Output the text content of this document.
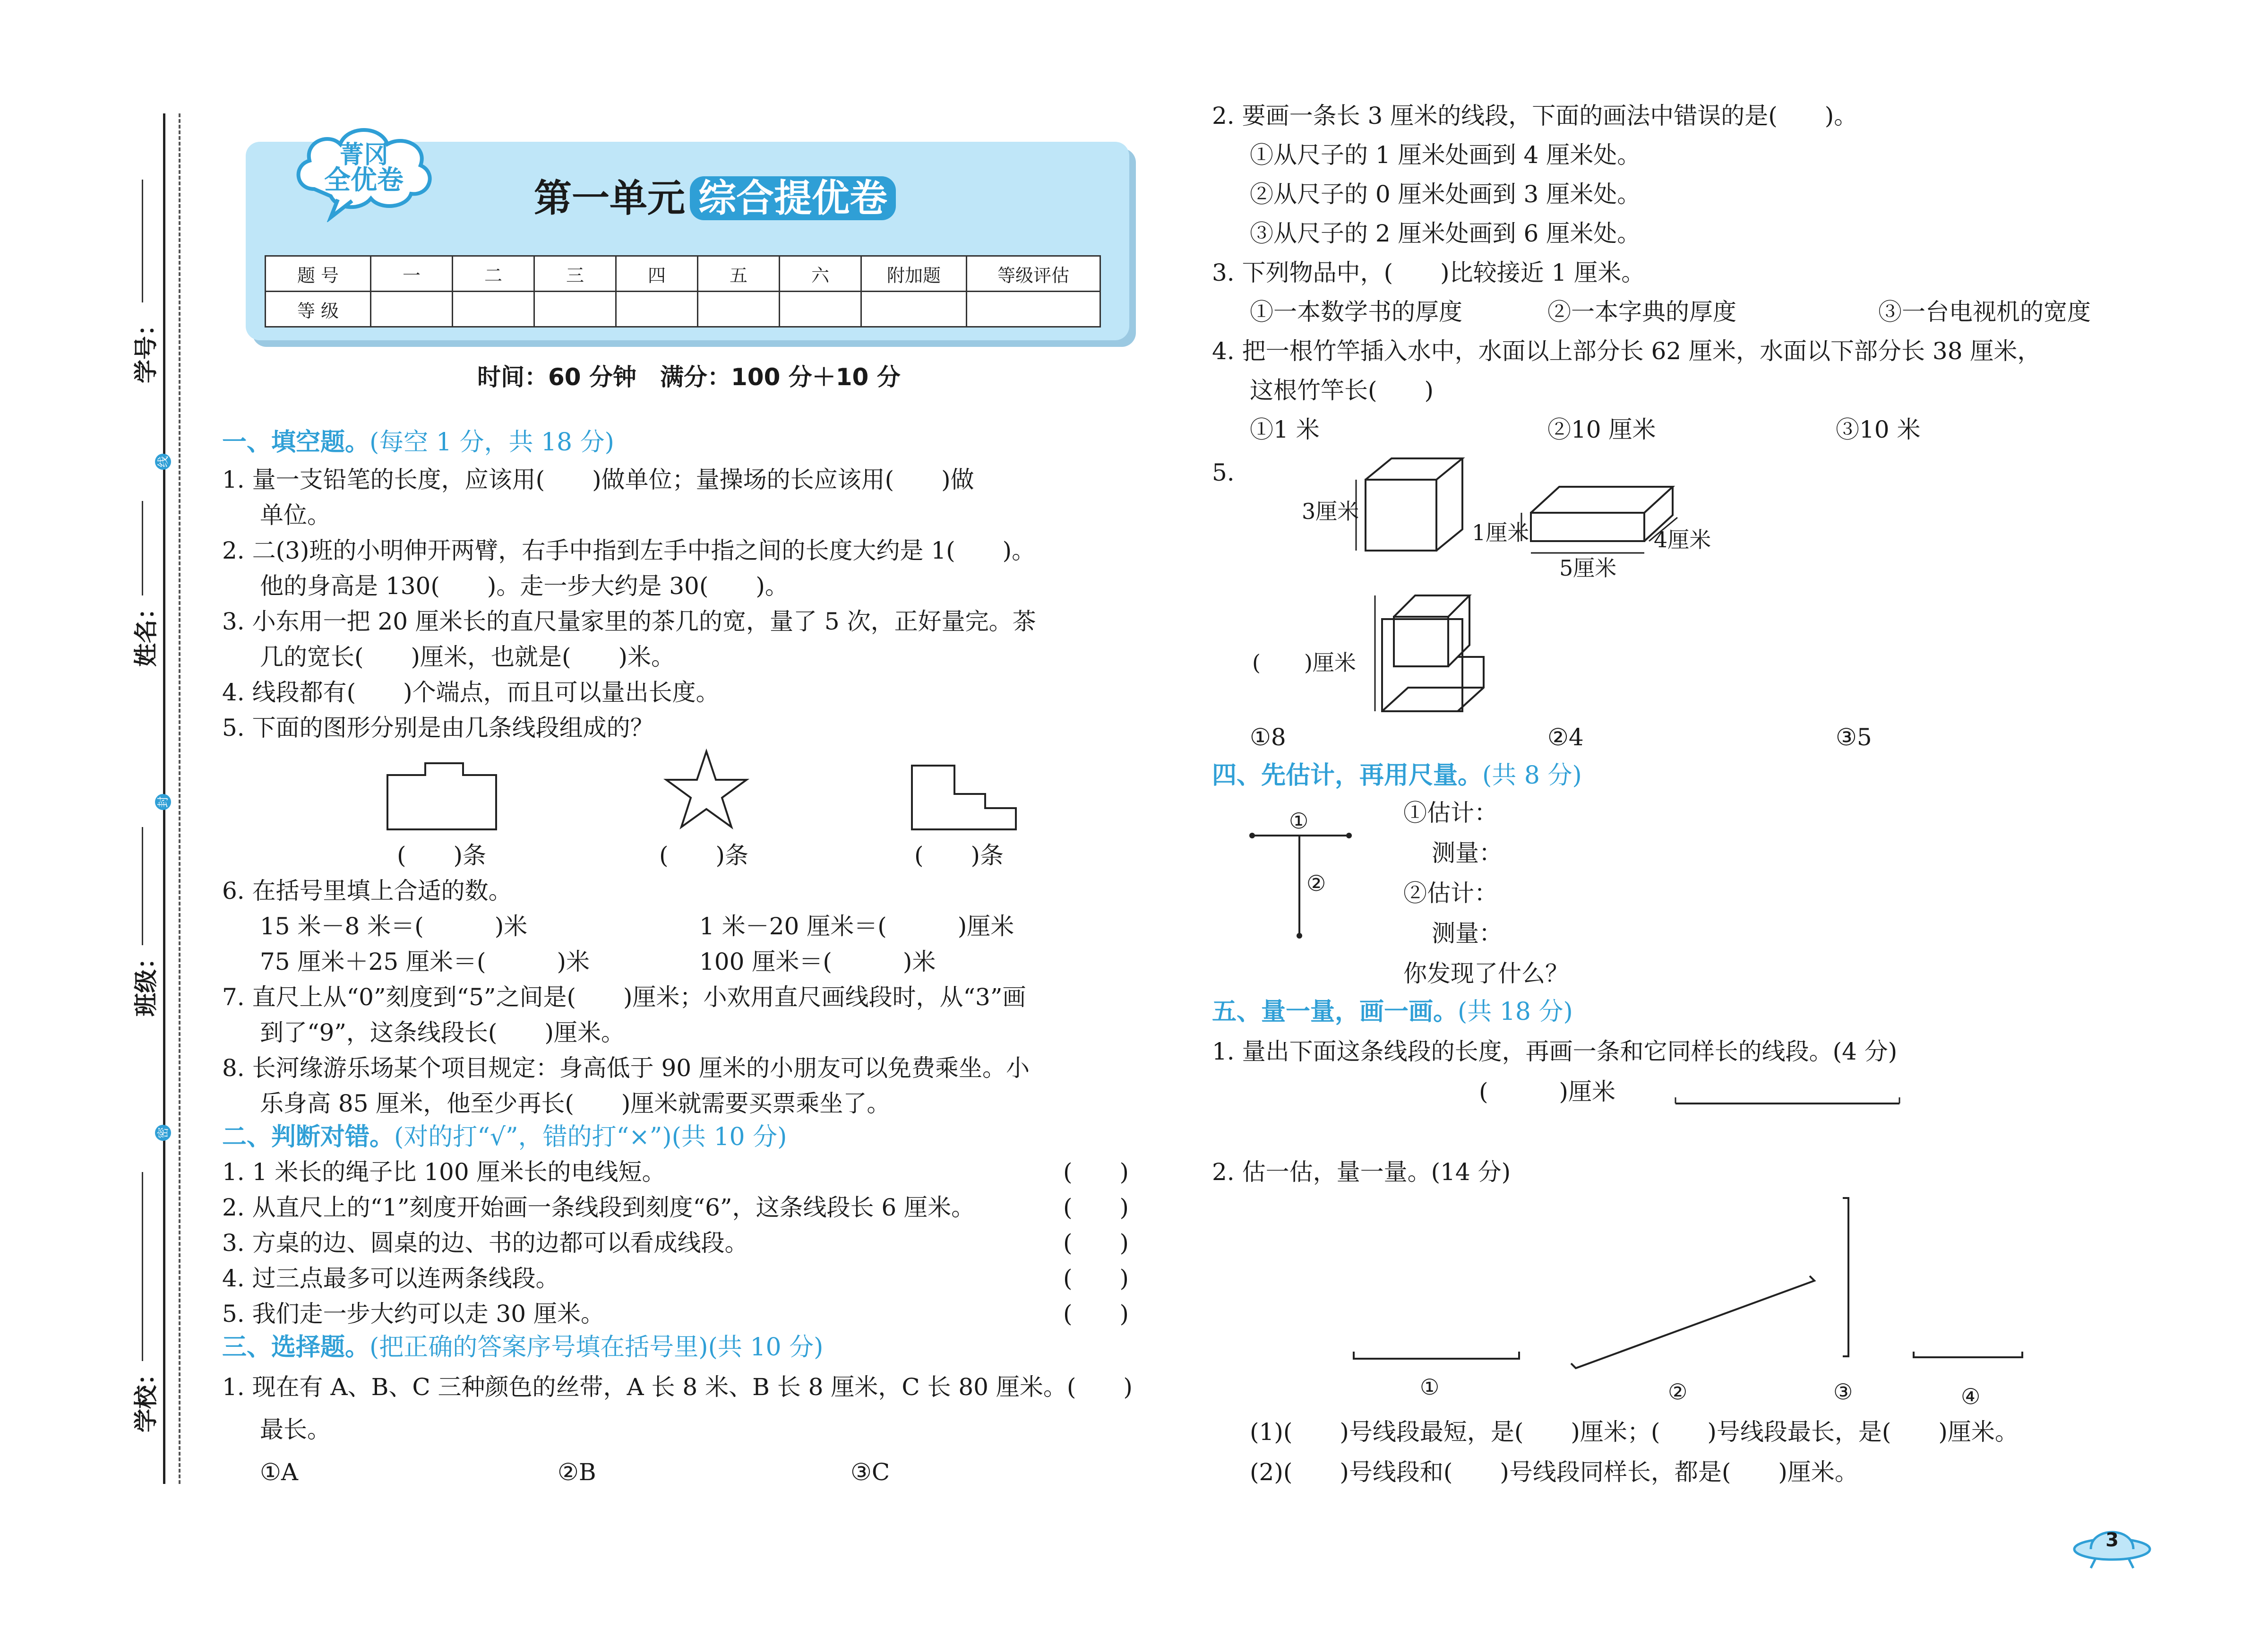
学号：
线
姓名：
封
班级：
密
学校：
菁冈
全优卷	第一单元 综合提优卷
题 号	一	二	三	四	五	六	附加题	等级评估
等 级								
时间：60 分钟　满分：100 分＋10 分
一、填空题。(每空 1 分，共 18 分)
1. 量一支铅笔的长度，应该用(　　)做单位；量操场的长应该用(　　)做
单位。
2. 二(3)班的小明伸开两臂，右手中指到左手中指之间的长度大约是 1(　　)。
他的身高是 130(　　)。走一步大约是 30(　　)。
3. 小东用一把 20 厘米长的直尺量家里的茶几的宽，量了 5 次，正好量完。茶
几的宽长(　　)厘米，也就是(　　)米。
4. 线段都有(　　)个端点，而且可以量出长度。
5. 下面的图形分别是由几条线段组成的？
(　　)条	(　　)条	(　　)条
6. 在括号里填上合适的数。
15 米－8 米＝(　　　)米	1 米－20 厘米＝(　　　)厘米
75 厘米＋25 厘米＝(　　　)米	100 厘米＝(　　　)米
7. 直尺上从“0”刻度到“5”之间是(　　)厘米；小欢用直尺画线段时，从“3”画
到了“9”，这条线段长(　　)厘米。
8. 长河缘游乐场某个项目规定：身高低于 90 厘米的小朋友可以免费乘坐。小
乐身高 85 厘米，他至少再长(　　)厘米就需要买票乘坐了。
二、判断对错。(对的打“√”，错的打“×”)(共 10 分)
1. 1 米长的绳子比 100 厘米长的电线短。	(　　)
2. 从直尺上的“1”刻度开始画一条线段到刻度“6”，这条线段长 6 厘米。	(　　)
3. 方桌的边、圆桌的边、书的边都可以看成线段。	(　　)
4. 过三点最多可以连两条线段。	(　　)
5. 我们走一步大约可以走 30 厘米。	(　　)
三、选择题。(把正确的答案序号填在括号里)(共 10 分)
1. 现在有 A、B、C 三种颜色的丝带，A 长 8 米、B 长 8 厘米，C 长 80 厘米。(　　)
最长。
①A	②B	③C
2. 要画一条长 3 厘米的线段，下面的画法中错误的是(　　)。
①从尺子的 1 厘米处画到 4 厘米处。
②从尺子的 0 厘米处画到 3 厘米处。
③从尺子的 2 厘米处画到 6 厘米处。
3. 下列物品中，(　　)比较接近 1 厘米。
①一本数学书的厚度	②一本字典的厚度	③一台电视机的宽度
4. 把一根竹竿插入水中，水面以上部分长 62 厘米，水面以下部分长 38 厘米，
这根竹竿长(　　)
①1 米	②10 厘米	③10 米
5.
3厘米
1厘米	4厘米
5厘米
(　　)厘米
①8	②4	③5
四、先估计，再用尺量。(共 8 分)
①
②
①估计：
测量：
②估计：
测量：
你发现了什么？
五、量一量，画一画。(共 18 分)
1. 量出下面这条线段的长度，再画一条和它同样长的线段。(4 分)
(　　　)厘米
2. 估一估，量一量。(14 分)
①	②	③	④
(1)(　　)号线段最短，是(　　)厘米；(　　)号线段最长，是(　　)厘米。
(2)(　　)号线段和(　　)号线段同样长，都是(　　)厘米。
3
